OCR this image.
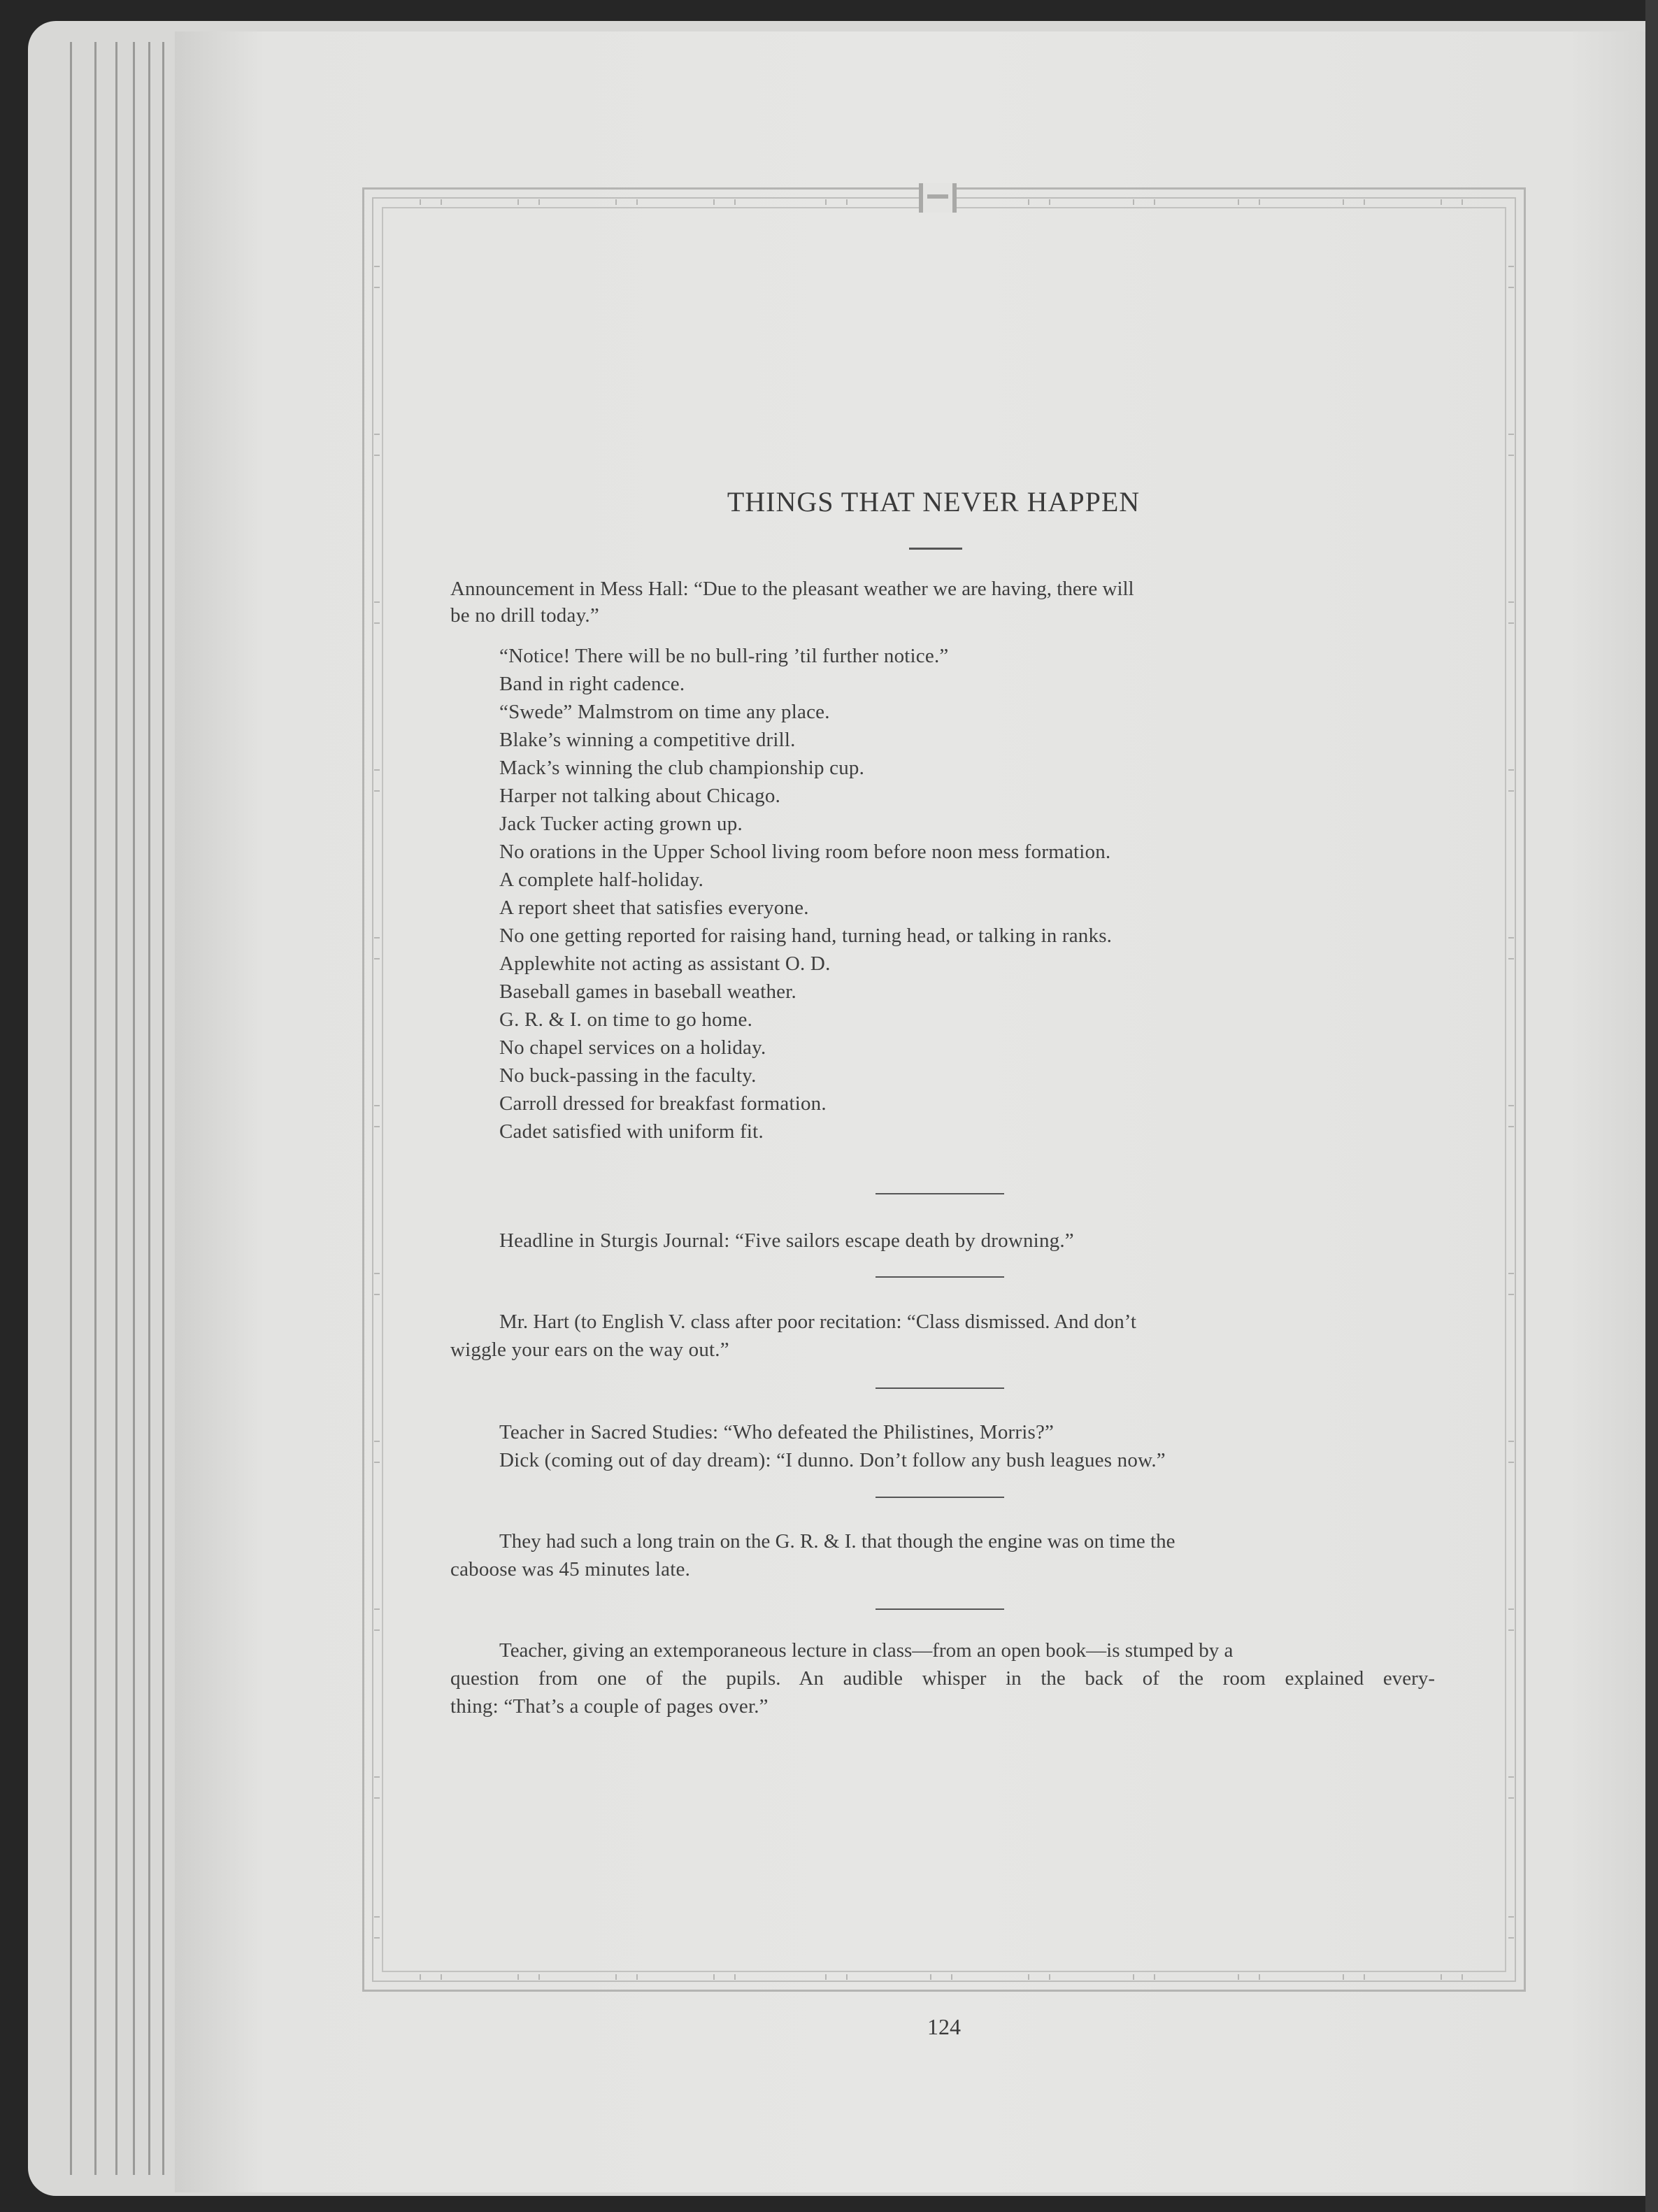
THINGS THAT NEVER HAPPEN
Announcement in Mess Hall: “Due to the pleasant weather we are having, there will
be no drill today.”
“Notice! There will be no bull-ring ’til further notice.”
Band in right cadence.
“Swede” Malmstrom on time any place.
Blake’s winning a competitive drill.
Mack’s winning the club championship cup.
Harper not talking about Chicago.
Jack Tucker acting grown up.
No orations in the Upper School living room before noon mess formation.
A complete half-holiday.
A report sheet that satisfies everyone.
No one getting reported for raising hand, turning head, or talking in ranks.
Applewhite not acting as assistant O. D.
Baseball games in baseball weather.
G. R. & I. on time to go home.
No chapel services on a holiday.
No buck-passing in the faculty.
Carroll dressed for breakfast formation.
Cadet satisfied with uniform fit.
Headline in Sturgis Journal: “Five sailors escape death by drowning.”
Mr. Hart (to English V. class after poor recitation: “Class dismissed. And don’t
wiggle your ears on the way out.”
Teacher in Sacred Studies: “Who defeated the Philistines, Morris?”
Dick (coming out of day dream): “I dunno. Don’t follow any bush leagues now.”
They had such a long train on the G. R. & I. that though the engine was on time the
caboose was 45 minutes late.
Teacher, giving an extemporaneous lecture in class—from an open book—is stumped by a
question from one of the pupils. An audible whisper in the back of the room explained every-
thing: “That’s a couple of pages over.”
124
